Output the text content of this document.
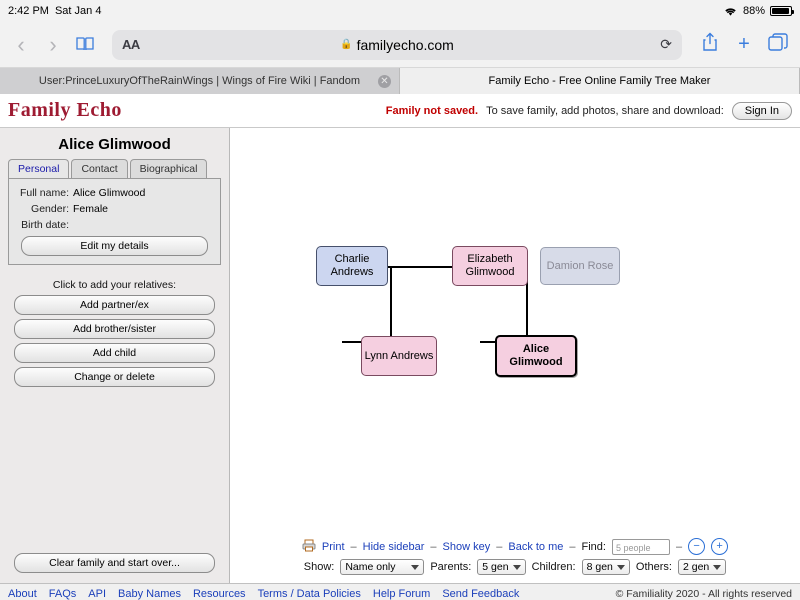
2:42 PM Sat Jan 4	88%
‹	›	AA	🔒 familyecho.com	⟳	+
User:PrinceLuxuryOfTheRainWings | Wings of Fire Wiki | Fandom ✕	Family Echo - Free Online Family Tree Maker
Family Echo	Family not saved. To save family, add photos, share and download:	Sign In
Alice Glimwood
Personal	Contact	Biographical
Full name: Alice Glimwood
Gender: Female
Birth date:
Edit my details
Click to add your relatives:
Add partner/ex
Add brother/sister
Add child
Change or delete
Clear family and start over...
Charlie Andrews
Elizabeth Glimwood
Damion Rose
Lynn Andrews
Alice Glimwood
Print – Hide sidebar – Show key – Back to me – Find:	5 people	–	−	+
Show:	Name only	Parents:	5 gen	Children:	8 gen	Others:	2 gen
About FAQs API Baby Names Resources Terms / Data Policies Help Forum Send Feedback	© Familiality 2020 - All rights reserved
